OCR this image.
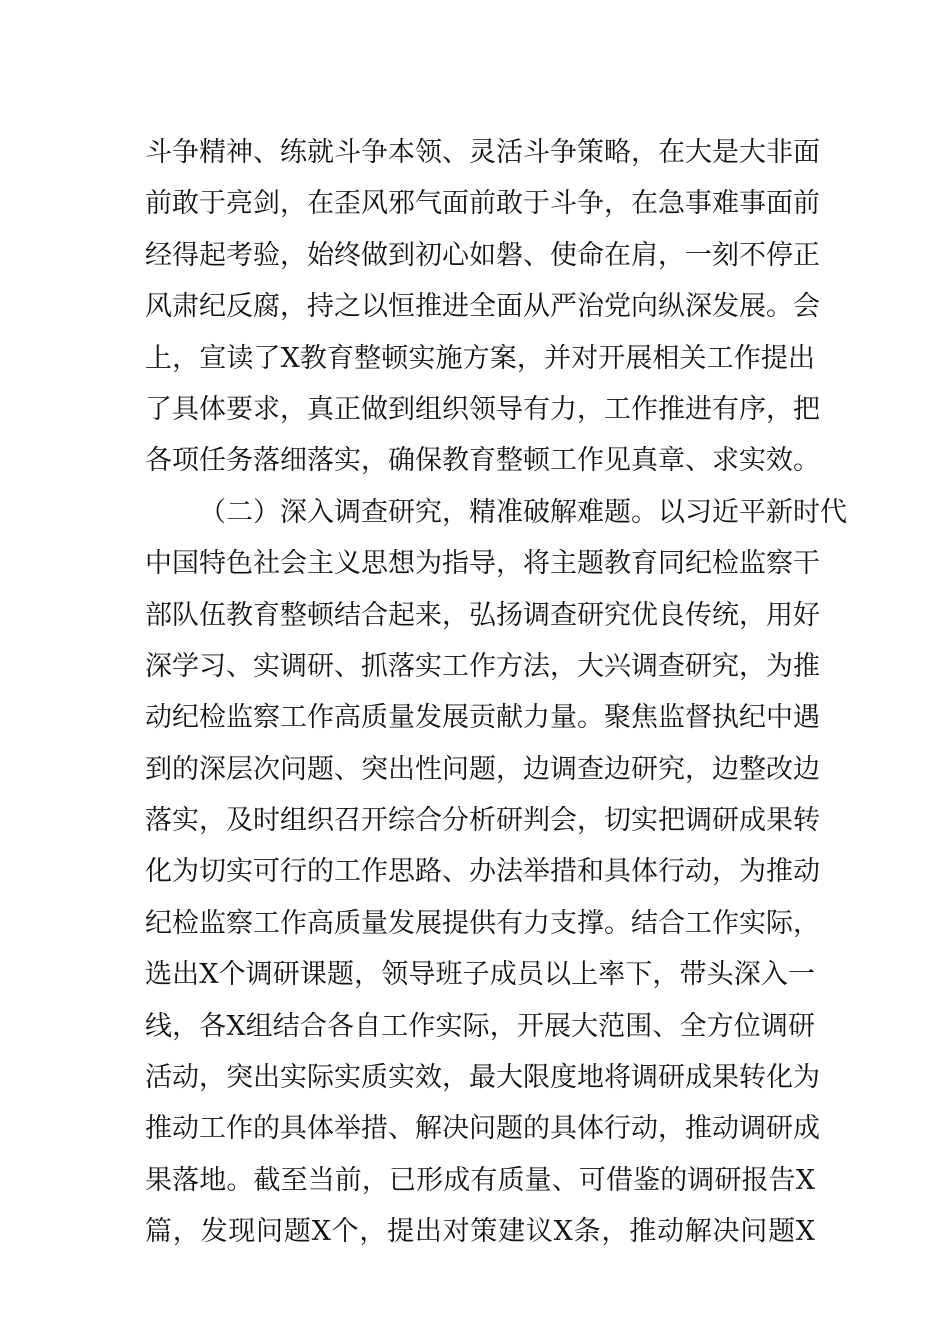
斗争精神、练就斗争本领、灵活斗争策略，在大是大非面
前敢于亮剑，在歪风邪气面前敢于斗争，在急事难事面前
经得起考验，始终做到初心如磐、使命在肩，一刻不停正
风肃纪反腐，持之以恒推进全面从严治党向纵深发展。会
上，宣读了X教育整顿实施方案，并对开展相关工作提出
了具体要求，真正做到组织领导有力，工作推进有序，把
各项任务落细落实，确保教育整顿工作见真章、求实效。
（二）深入调查研究，精准破解难题。以习近平新时代
中国特色社会主义思想为指导，将主题教育同纪检监察干
部队伍教育整顿结合起来，弘扬调查研究优良传统，用好
深学习、实调研、抓落实工作方法，大兴调查研究，为推
动纪检监察工作高质量发展贡献力量。聚焦监督执纪中遇
到的深层次问题、突出性问题，边调查边研究，边整改边
落实，及时组织召开综合分析研判会，切实把调研成果转
化为切实可行的工作思路、办法举措和具体行动，为推动
纪检监察工作高质量发展提供有力支撑。结合工作实际，
选出X个调研课题，领导班子成员以上率下，带头深入一
线，各X组结合各自工作实际，开展大范围、全方位调研
活动，突出实际实质实效，最大限度地将调研成果转化为
推动工作的具体举措、解决问题的具体行动，推动调研成
果落地。截至当前，已形成有质量、可借鉴的调研报告X
篇，发现问题X个，提出对策建议X条，推动解决问题X
